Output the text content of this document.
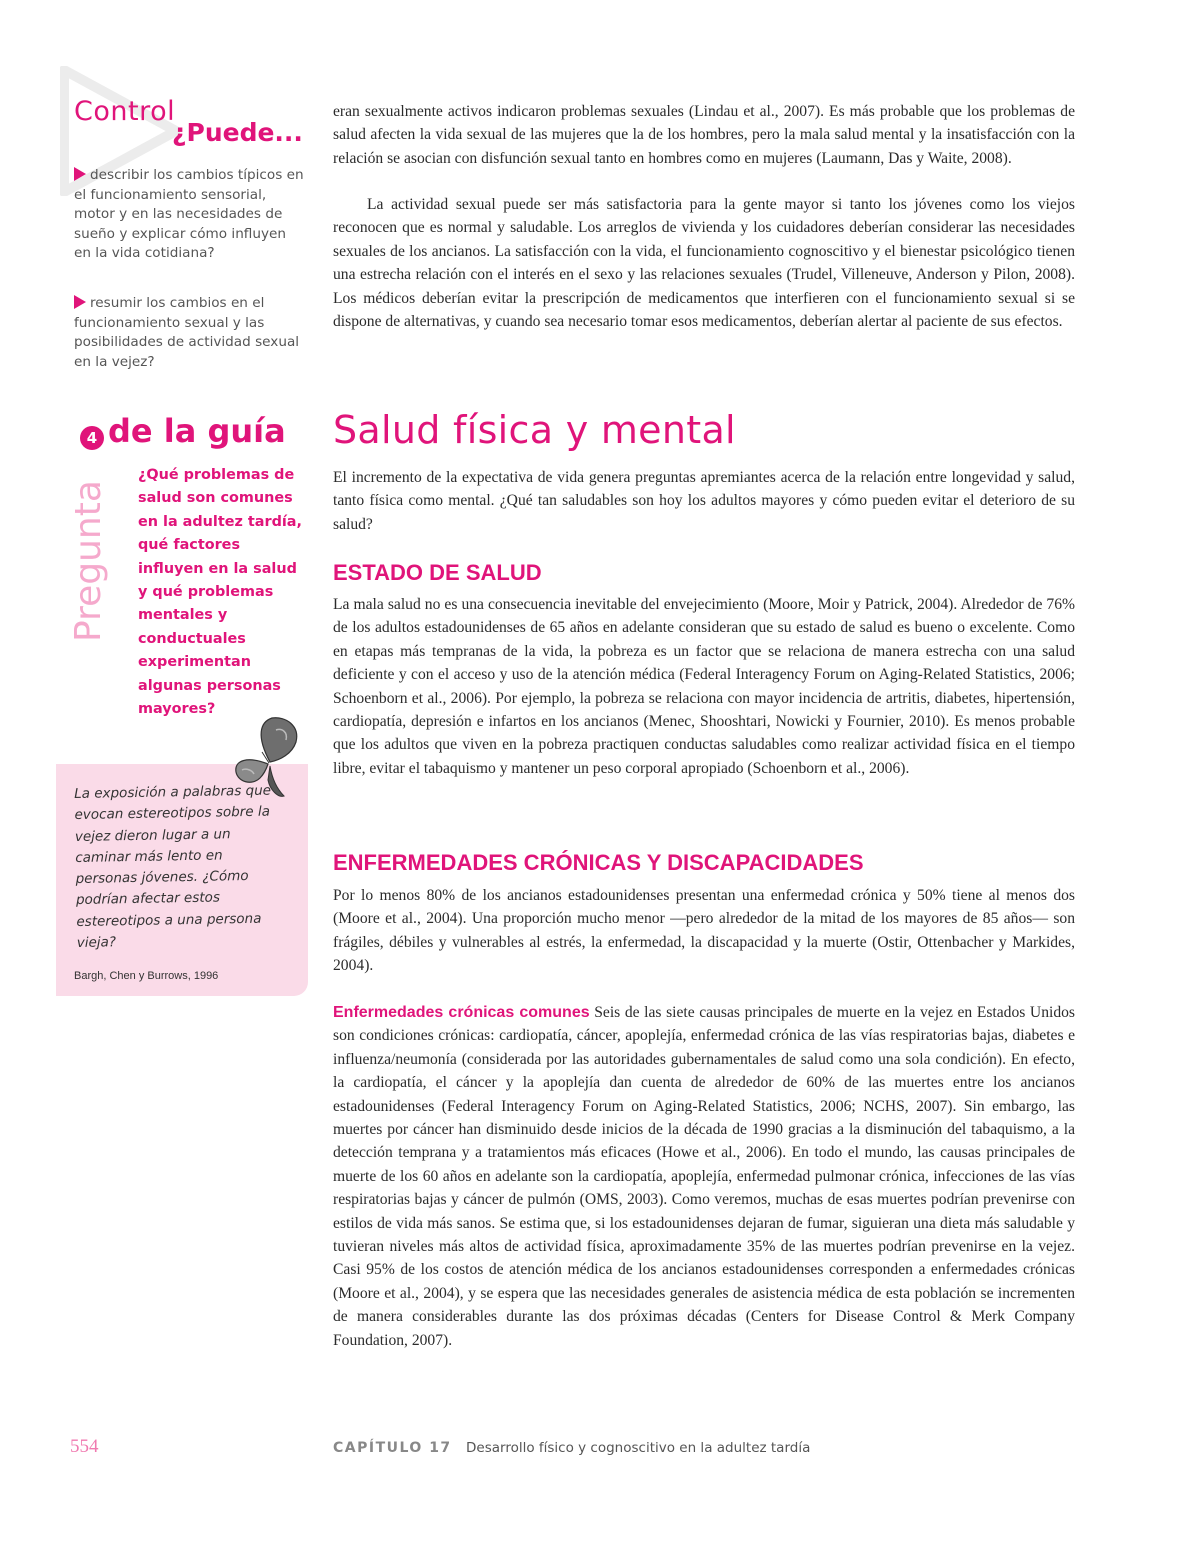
Control
¿Puede...
describir los cambios típicos en el funcionamiento sensorial, motor y en las necesidades de sueño y explicar cómo influyen en la vida cotidiana?
resumir los cambios en el funcionamiento sexual y las posibilidades de actividad sexual en la vejez?
Pregunta
4 de la guía
¿Qué problemas de salud son comunes en la adultez tardía, qué factores influyen en la salud y qué problemas mentales y conductuales experimentan algunas personas mayores?
La exposición a palabras que evocan estereotipos sobre la vejez dieron lugar a un caminar más lento en personas jóvenes. ¿Cómo podrían afectar estos estereotipos a una persona vieja?
Bargh, Chen y Burrows, 1996
eran sexualmente activos indicaron problemas sexuales (Lindau et al., 2007). Es más probable que los problemas de salud afecten la vida sexual de las mujeres que la de los hombres, pero la mala salud mental y la insatisfacción con la relación se asocian con disfunción sexual tanto en hombres como en mujeres (Laumann, Das y Waite, 2008).
La actividad sexual puede ser más satisfactoria para la gente mayor si tanto los jóvenes como los viejos reconocen que es normal y saludable. Los arreglos de vivienda y los cuidadores deberían considerar las necesidades sexuales de los ancianos. La satisfacción con la vida, el funcionamiento cognoscitivo y el bienestar psicológico tienen una estrecha relación con el interés en el sexo y las relaciones sexuales (Trudel, Villeneuve, Anderson y Pilon, 2008). Los médicos deberían evitar la prescripción de medicamentos que interfieren con el funcionamiento sexual si se dispone de alternativas, y cuando sea necesario tomar esos medicamentos, deberían alertar al paciente de sus efectos.
Salud física y mental
El incremento de la expectativa de vida genera preguntas apremiantes acerca de la relación entre longevidad y salud, tanto física como mental. ¿Qué tan saludables son hoy los adultos mayores y cómo pueden evitar el deterioro de su salud?
ESTADO DE SALUD
La mala salud no es una consecuencia inevitable del envejecimiento (Moore, Moir y Patrick, 2004). Alrededor de 76% de los adultos estadounidenses de 65 años en adelante consideran que su estado de salud es bueno o excelente. Como en etapas más tempranas de la vida, la pobreza es un factor que se relaciona de manera estrecha con una salud deficiente y con el acceso y uso de la atención médica (Federal Interagency Forum on Aging-Related Statistics, 2006; Schoenborn et al., 2006). Por ejemplo, la pobreza se relaciona con mayor incidencia de artritis, diabetes, hipertensión, cardiopatía, depresión e infartos en los ancianos (Menec, Shooshtari, Nowicki y Fournier, 2010). Es menos probable que los adultos que viven en la pobreza practiquen conductas saludables como realizar actividad física en el tiempo libre, evitar el tabaquismo y mantener un peso corporal apropiado (Schoenborn et al., 2006).
ENFERMEDADES CRÓNICAS Y DISCAPACIDADES
Por lo menos 80% de los ancianos estadounidenses presentan una enfermedad crónica y 50% tiene al menos dos (Moore et al., 2004). Una proporción mucho menor —pero alrededor de la mitad de los mayores de 85 años— son frágiles, débiles y vulnerables al estrés, la enfermedad, la discapacidad y la muerte (Ostir, Ottenbacher y Markides, 2004).
Enfermedades crónicas comunes Seis de las siete causas principales de muerte en la vejez en Estados Unidos son condiciones crónicas: cardiopatía, cáncer, apoplejía, enfermedad crónica de las vías respiratorias bajas, diabetes e influenza/neumonía (considerada por las autoridades gubernamentales de salud como una sola condición). En efecto, la cardiopatía, el cáncer y la apoplejía dan cuenta de alrededor de 60% de las muertes entre los ancianos estadounidenses (Federal Interagency Forum on Aging-Related Statistics, 2006; NCHS, 2007). Sin embargo, las muertes por cáncer han disminuido desde inicios de la década de 1990 gracias a la disminución del tabaquismo, a la detección temprana y a tratamientos más eficaces (Howe et al., 2006). En todo el mundo, las causas principales de muerte de los 60 años en adelante son la cardiopatía, apoplejía, enfermedad pulmonar crónica, infecciones de las vías respiratorias bajas y cáncer de pulmón (OMS, 2003). Como veremos, muchas de esas muertes podrían prevenirse con estilos de vida más sanos. Se estima que, si los estadounidenses dejaran de fumar, siguieran una dieta más saludable y tuvieran niveles más altos de actividad física, aproximadamente 35% de las muertes podrían prevenirse en la vejez. Casi 95% de los costos de atención médica de los ancianos estadounidenses corresponden a enfermedades crónicas (Moore et al., 2004), y se espera que las necesidades generales de asistencia médica de esta población se incrementen de manera considerables durante las dos próximas décadas (Centers for Disease Control & Merk Company Foundation, 2007).
554	CAPÍTULO 17 Desarrollo físico y cognoscitivo en la adultez tardía
